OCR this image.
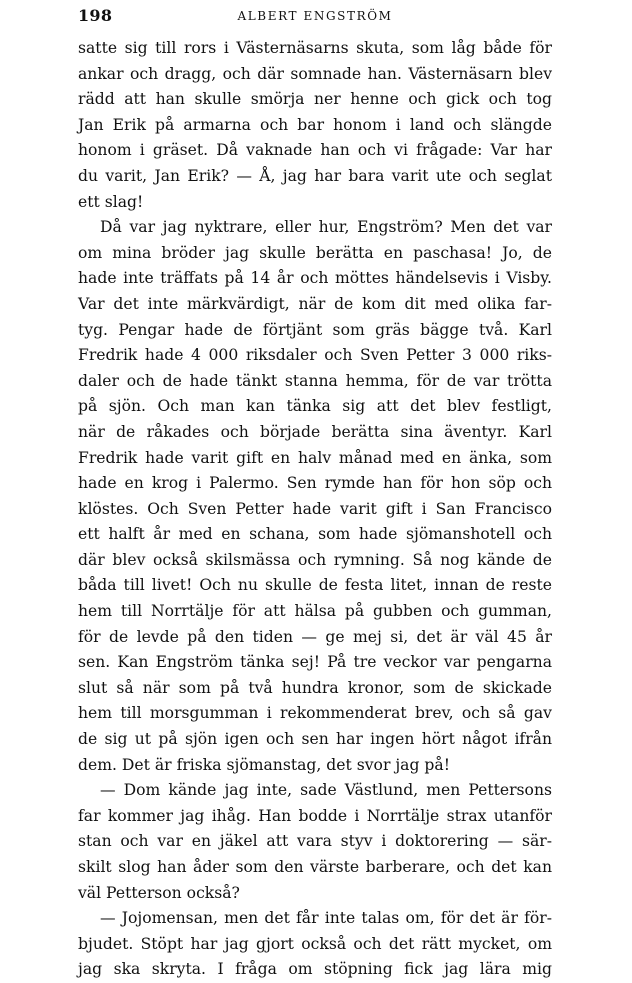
198	ALBERT ENGSTRÖM
satte sig till rors i Västernäsarns skuta, som låg både för
ankar och dragg, och där somnade han. Västernäsarn blev
rädd att han skulle smörja ner henne och gick och tog
Jan Erik på armarna och bar honom i land och slängde
honom i gräset. Då vaknade han och vi frågade: Var har
du varit, Jan Erik? — Å, jag har bara varit ute och seglat
ett slag!
Då var jag nyktrare, eller hur, Engström? Men det var
om mina bröder jag skulle berätta en paschasa! Jo, de
hade inte träffats på 14 år och möttes händelsevis i Visby.
Var det inte märkvärdigt, när de kom dit med olika far-
tyg. Pengar hade de förtjänt som gräs bägge två. Karl
Fredrik hade 4 000 riksdaler och Sven Petter 3 000 riks-
daler och de hade tänkt stanna hemma, för de var trötta
på sjön. Och man kan tänka sig att det blev festligt,
när de råkades och började berätta sina äventyr. Karl
Fredrik hade varit gift en halv månad med en änka, som
hade en krog i Palermo. Sen rymde han för hon söp och
klöstes. Och Sven Petter hade varit gift i San Francisco
ett halft år med en schana, som hade sjömanshotell och
där blev också skilsmässa och rymning. Så nog kände de
båda till livet! Och nu skulle de festa litet, innan de reste
hem till Norrtälje för att hälsa på gubben och gumman,
för de levde på den tiden — ge mej si, det är väl 45 år
sen. Kan Engström tänka sej! På tre veckor var pengarna
slut så när som på två hundra kronor, som de skickade
hem till morsgumman i rekommenderat brev, och så gav
de sig ut på sjön igen och sen har ingen hört något ifrån
dem. Det är friska sjömanstag, det svor jag på!
— Dom kände jag inte, sade Västlund, men Pettersons
far kommer jag ihåg. Han bodde i Norrtälje strax utanför
stan och var en jäkel att vara styv i doktorering — sär-
skilt slog han åder som den värste barberare, och det kan
väl Petterson också?
— Jojomensan, men det får inte talas om, för det är för-
bjudet. Stöpt har jag gjort också och det rätt mycket, om
jag ska skryta. I fråga om stöpning fick jag lära mig
